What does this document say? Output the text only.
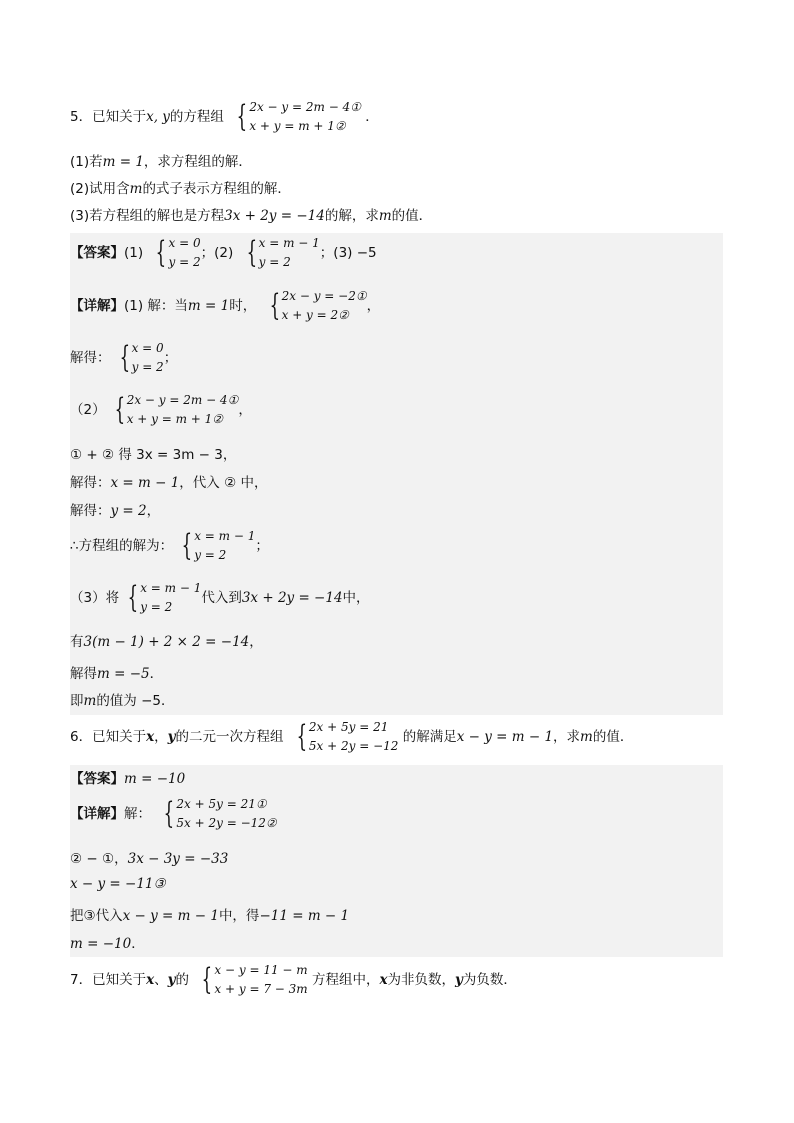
5．已知关于x, y的方程组 { 2x − y = 2m − 4①
x + y = m + 1②
．
(1)若m = 1，求方程组的解．
(2)试用含m的式子表示方程组的解．
(3)若方程组的解也是方程3x + 2y = −14的解，求m的值．
【答案】(1) { x = 0
y = 2
；(2) { x = m − 1
y = 2
；(3) −5
【详解】(1) 解：当m = 1时， { 2x − y = −2①
x + y = 2②
，
解得： { x = 0
y = 2
；
（2） { 2x − y = 2m − 4①
x + y = m + 1②
，
① + ② 得 3x = 3m − 3，
解得：x = m − 1，代入 ② 中，
解得：y = 2，
∴方程组的解为： { x = m − 1
y = 2
；
（3）将 { x = m − 1
y = 2
代入到3x + 2y = −14中，
有3(m − 1) + 2 × 2 = −14，
解得m = −5．
即m的值为 −5．
6．已知关于x，y的二元一次方程组 { 2x + 5y = 21
5x + 2y = −12
的解满足x − y = m − 1，求m的值．
【答案】m = −10
【详解】解： { 2x + 5y = 21①
5x + 2y = −12②
② − ①，3x − 3y = −33
x − y = −11③
把③代入x − y = m − 1中，得−11 = m − 1
m = −10．
7．已知关于x、y的 { x − y = 11 − m
x + y = 7 − 3m
方程组中，x为非负数，y为负数．
